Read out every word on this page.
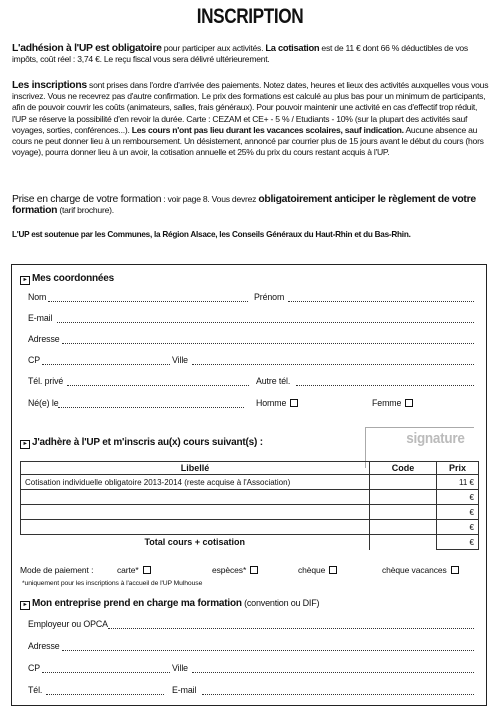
INSCRIPTION
L'adhésion à l'UP est obligatoire pour participer aux activités. La cotisation est de 11 € dont 66 % déductibles de vos impôts, coût réel : 3,74 €. Le reçu fiscal vous sera délivré ultérieurement.
Les inscriptions sont prises dans l'ordre d'arrivée des paiements. Notez dates, heures et lieux des activités auxquelles vous vous inscrivez. Vous ne recevrez pas d'autre confirmation. Le prix des formations est calculé au plus bas pour un minimum de participants, afin de pouvoir couvrir les coûts (animateurs, salles, frais généraux). Pour pouvoir maintenir une activité en cas d'effectif trop réduit, l'UP se réserve la possibilité d'en revoir la durée. Carte : CEZAM et CE+ - 5 % / Etudiants - 10% (sur la plupart des activités sauf voyages, sorties, conférences...). Les cours n'ont pas lieu durant les vacances scolaires, sauf indication. Aucune absence au cours ne peut donner lieu à un remboursement. Un désistement, annoncé par courrier plus de 15 jours avant le début du cours (hors voyage), pourra donner lieu à un avoir, la cotisation annuelle et 25% du prix du cours restant acquis à l'UP.
Prise en charge de votre formation : voir page 8. Vous devrez obligatoirement anticiper le règlement de votre formation (tarif brochure).
L'UP est soutenue par les Communes, la Région Alsace, les Conseils Généraux du Haut-Rhin et du Bas-Rhin.
▸ Mes coordonnées
Nom	Prénom
E-mail
Adresse
CP	Ville
Tél. privé	Autre tél.
Né(e) le	Homme	Femme
▸ J'adhère à l'UP et m'inscris au(x) cours suivant(s) :	signature
Libellé	Code	Prix
Cotisation individuelle obligatoire 2013-2014 (reste acquise à l'Association)		11 €
		€
		€
		€
Total cours + cotisation		€
Mode de paiement :	carte*	espèces*	chèque	chèque vacances
*uniquement pour les inscriptions à l'accueil de l'UP Mulhouse
▸ Mon entreprise prend en charge ma formation (convention ou DIF)
Employeur ou OPCA
Adresse
CP	Ville
Tél.	E-mail
